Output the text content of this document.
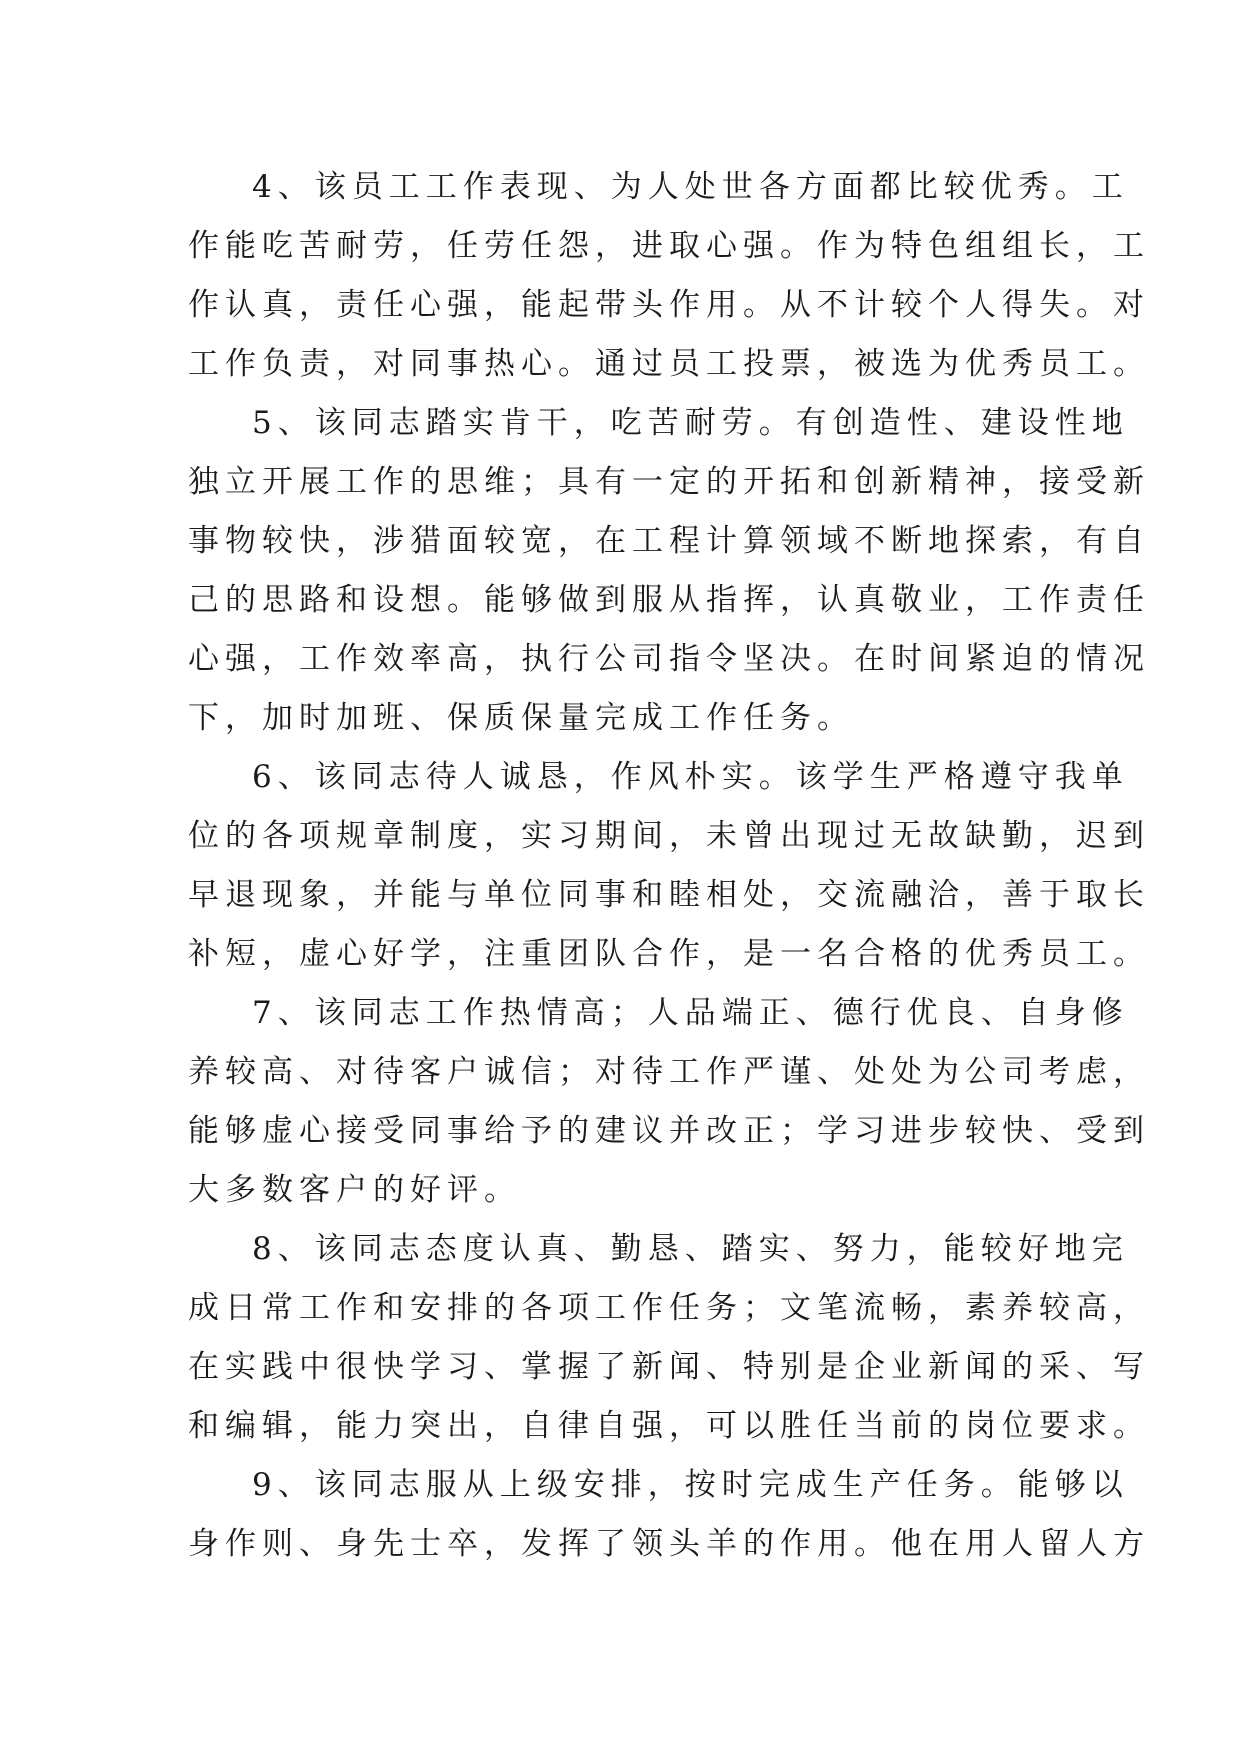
4、该员工工作表现、为人处世各方面都比较优秀。工
作能吃苦耐劳，任劳任怨，进取心强。作为特色组组长，工
作认真，责任心强，能起带头作用。从不计较个人得失。对
工作负责，对同事热心。通过员工投票，被选为优秀员工。
5、该同志踏实肯干，吃苦耐劳。有创造性、建设性地
独立开展工作的思维；具有一定的开拓和创新精神，接受新
事物较快，涉猎面较宽，在工程计算领域不断地探索，有自
己的思路和设想。能够做到服从指挥，认真敬业，工作责任
心强，工作效率高，执行公司指令坚决。在时间紧迫的情况
下，加时加班、保质保量完成工作任务。
6、该同志待人诚恳，作风朴实。该学生严格遵守我单
位的各项规章制度，实习期间，未曾出现过无故缺勤，迟到
早退现象，并能与单位同事和睦相处，交流融洽，善于取长
补短，虚心好学，注重团队合作，是一名合格的优秀员工。
7、该同志工作热情高；人品端正、德行优良、自身修
养较高、对待客户诚信；对待工作严谨、处处为公司考虑，
能够虚心接受同事给予的建议并改正；学习进步较快、受到
大多数客户的好评。
8、该同志态度认真、勤恳、踏实、努力，能较好地完
成日常工作和安排的各项工作任务；文笔流畅，素养较高，
在实践中很快学习、掌握了新闻、特别是企业新闻的采、写
和编辑，能力突出，自律自强，可以胜任当前的岗位要求。
9、该同志服从上级安排，按时完成生产任务。能够以
身作则、身先士卒，发挥了领头羊的作用。他在用人留人方
